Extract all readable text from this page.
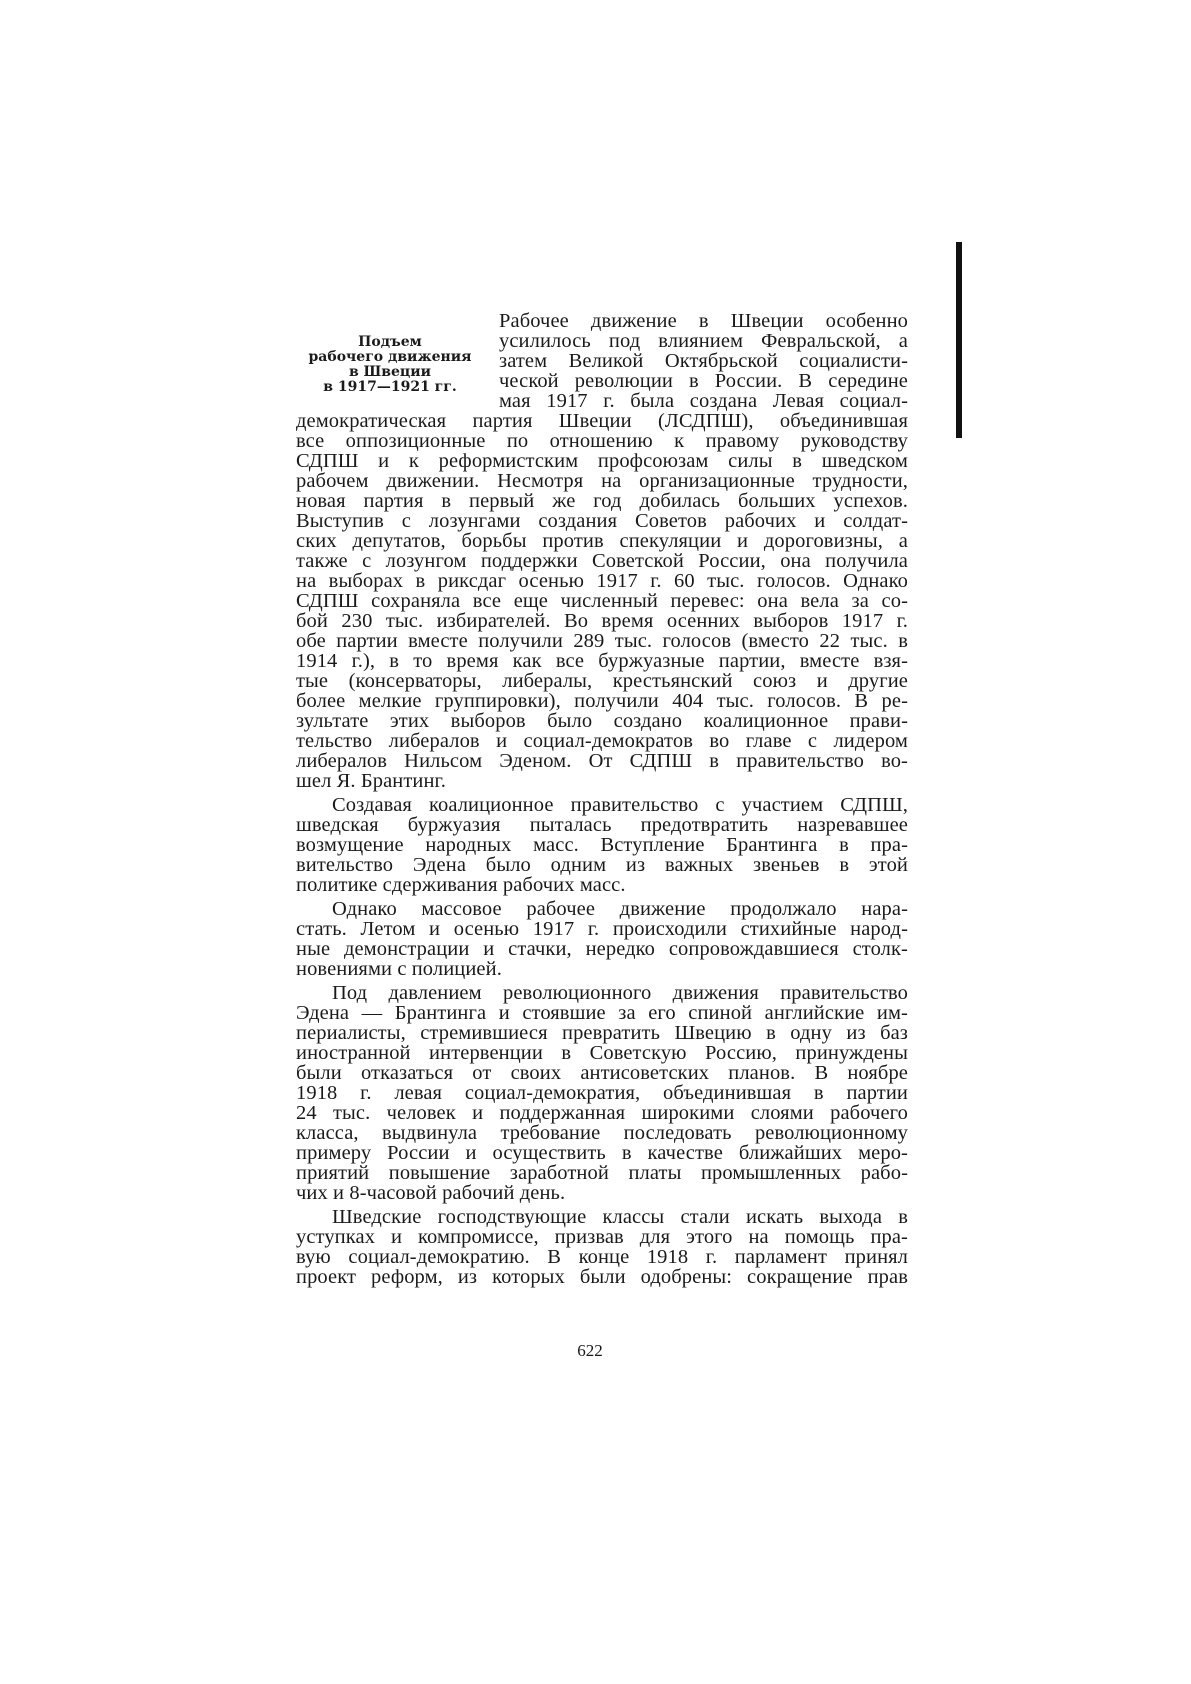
Подъем
рабочего движения
в Швеции
в 1917—1921 гг.
Рабочее движение в Швеции особенно
усилилось под влиянием Февральской, а
затем Великой Октябрьской социалисти-
ческой революции в России. В середине
мая 1917 г. была создана Левая социал-
демократическая партия Швеции (ЛСДПШ), объединившая
все оппозиционные по отношению к правому руководству
СДПШ и к реформистским профсоюзам силы в шведском
рабочем движении. Несмотря на организационные трудности,
новая партия в первый же год добилась больших успехов.
Выступив с лозунгами создания Советов рабочих и солдат-
ских депутатов, борьбы против спекуляции и дороговизны, а
также с лозунгом поддержки Советской России, она получила
на выборах в риксдаг осенью 1917 г. 60 тыс. голосов. Однако
СДПШ сохраняла все еще численный перевес: она вела за со-
бой 230 тыс. избирателей. Во время осенних выборов 1917 г.
обе партии вместе получили 289 тыс. голосов (вместо 22 тыс. в
1914 г.), в то время как все буржуазные партии, вместе взя-
тые (консерваторы, либералы, крестьянский союз и другие
более мелкие группировки), получили 404 тыс. голосов. В ре-
зультате этих выборов было создано коалиционное прави-
тельство либералов и социал-демократов во главе с лидером
либералов Нильсом Эденом. От СДПШ в правительство во-
шел Я. Брантинг.
Создавая коалиционное правительство с участием СДПШ,
шведская буржуазия пыталась предотвратить назревавшее
возмущение народных масс. Вступление Брантинга в пра-
вительство Эдена было одним из важных звеньев в этой
политике сдерживания рабочих масс.
Однако массовое рабочее движение продолжало нара-
стать. Летом и осенью 1917 г. происходили стихийные народ-
ные демонстрации и стачки, нередко сопровождавшиеся столк-
новениями с полицией.
Под давлением революционного движения правительство
Эдена — Брантинга и стоявшие за его спиной английские им-
периалисты, стремившиеся превратить Швецию в одну из баз
иностранной интервенции в Советскую Россию, принуждены
были отказаться от своих антисоветских планов. В ноябре
1918 г. левая социал-демократия, объединившая в партии
24 тыс. человек и поддержанная широкими слоями рабочего
класса, выдвинула требование последовать революционному
примеру России и осуществить в качестве ближайших меро-
приятий повышение заработной платы промышленных рабо-
чих и 8-часовой рабочий день.
Шведские господствующие классы стали искать выхода в
уступках и компромиссе, призвав для этого на помощь пра-
вую социал-демократию. В конце 1918 г. парламент принял
проект реформ, из которых были одобрены: сокращение прав
622
